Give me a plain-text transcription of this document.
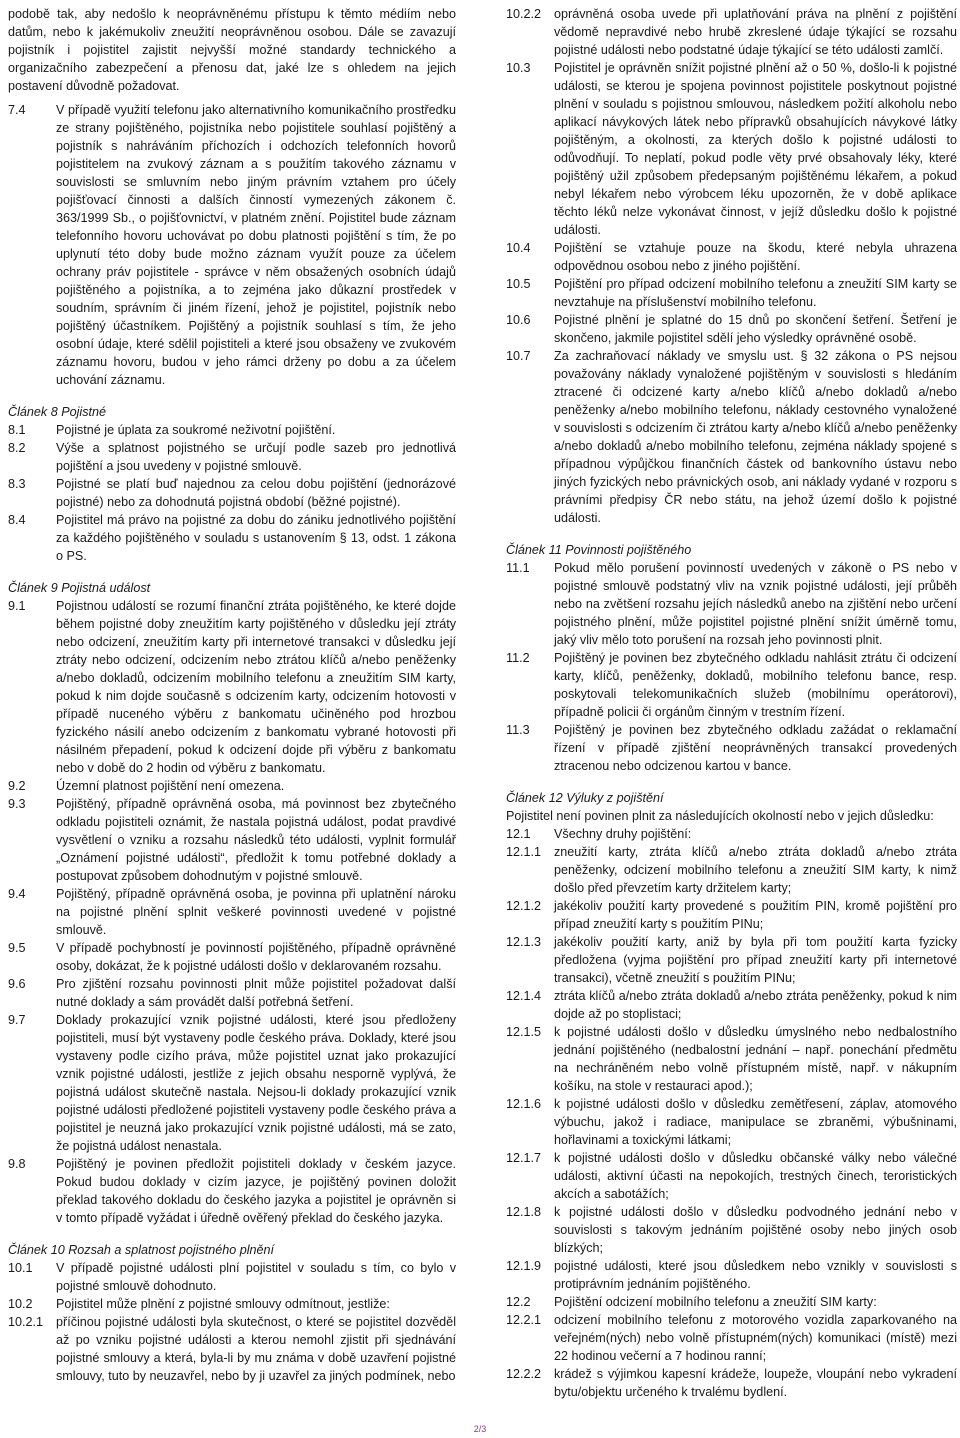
podobě tak, aby nedošlo k neoprávněnému přístupu k těmto médiím nebo datům, nebo k jakémukoliv zneužití neoprávněnou osobou. Dále se zavazují pojistník i pojistitel zajistit nejvyšší možné standardy technického a organizačního zabezpečení a přenosu dat, jaké lze s ohledem na jejich postavení důvodně požadovat.
7.4	V případě využití telefonu jako alternativního komunikačního prostředku ze strany pojištěného, pojistníka nebo pojistitele souhlasí pojištěný a pojistník s nahráváním příchozích i odchozích telefonních hovorů pojistitelem na zvukový záznam a s použitím takového záznamu v souvislosti se smluvním nebo jiným právním vztahem pro účely pojišťovací činnosti a dalších činností vymezených zákonem č. 363/1999 Sb., o pojišťovnictví, v platném znění. Pojistitel bude záznam telefonního hovoru uchovávat po dobu platnosti pojištění s tím, že po uplynutí této doby bude možno záznam využít pouze za účelem ochrany práv pojistitele - správce v něm obsažených osobních údajů pojištěného a pojistníka, a to zejména jako důkazní prostředek v soudním, správním či jiném řízení, jehož je pojistitel, pojistník nebo pojištěný účastníkem. Pojištěný a pojistník souhlasí s tím, že jeho osobní údaje, které sdělil pojistiteli a které jsou obsaženy ve zvukovém záznamu hovoru, budou v jeho rámci drženy po dobu a za účelem uchování záznamu.
Článek 8 Pojistné
8.1	Pojistné je úplata za soukromé neživotní pojištění.
8.2	Výše a splatnost pojistného se určují podle sazeb pro jednotlivá pojištění a jsou uvedeny v pojistné smlouvě.
8.3	Pojistné se platí buď najednou za celou dobu pojištění (jednorázové pojistné) nebo za dohodnutá pojistná období (běžné pojistné).
8.4	Pojistitel má právo na pojistné za dobu do zániku jednotlivého pojištění za každého pojištěného v souladu s ustanovením § 13, odst. 1 zákona o PS.
Článek 9 Pojistná událost
9.1	Pojistnou událostí se rozumí finanční ztráta pojištěného, ke které dojde během pojistné doby zneužitím karty pojištěného v důsledku její ztráty nebo odcizení, zneužitím karty při internetové transakci v důsledku její ztráty nebo odcizení, odcizením nebo ztrátou klíčů a/nebo peněženky a/nebo dokladů, odcizením mobilního telefonu a zneužitím SIM karty, pokud k nim dojde současně s odcizením karty, odcizením hotovosti v případě nuceného výběru z bankomatu učiněného pod hrozbou fyzického násilí anebo odcizením z bankomatu vybrané hotovosti při násilném přepadení, pokud k odcizení dojde při výběru z bankomatu nebo v době do 2 hodin od výběru z bankomatu.
9.2	Územní platnost pojištění není omezena.
9.3	Pojištěný, případně oprávněná osoba, má povinnost bez zbytečného odkladu pojistiteli oznámit, že nastala pojistná událost, podat pravdivé vysvětlení o vzniku a rozsahu následků této události, vyplnit formulář „Oznámení pojistné události“, předložit k tomu potřebné doklady a postupovat způsobem dohodnutým v pojistné smlouvě.
9.4	Pojištěný, případně oprávněná osoba, je povinna při uplatnění nároku na pojistné plnění splnit veškeré povinnosti uvedené v pojistné smlouvě.
9.5	V případě pochybností je povinností pojištěného, případně oprávněné osoby, dokázat, že k pojistné události došlo v deklarovaném rozsahu.
9.6	Pro zjištění rozsahu povinnosti plnit může pojistitel požadovat další nutné doklady a sám provádět další potřebná šetření.
9.7	Doklady prokazující vznik pojistné události, které jsou předloženy pojistiteli, musí být vystaveny podle českého práva. Doklady, které jsou vystaveny podle cizího práva, může pojistitel uznat jako prokazující vznik pojistné události, jestliže z jejich obsahu nesporně vyplývá, že pojistná událost skutečně nastala. Nejsou-li doklady prokazující vznik pojistné události předložené pojistiteli vystaveny podle českého práva a pojistitel je neuzná jako prokazující vznik pojistné události, má se zato, že pojistná událost nenastala.
9.8	Pojištěný je povinen předložit pojistiteli doklady v českém jazyce. Pokud budou doklady v cizím jazyce, je pojištěný povinen doložit překlad takového dokladu do českého jazyka a pojistitel je oprávněn si v tomto případě vyžádat i úředně ověřený překlad do českého jazyka.
Článek 10 Rozsah a splatnost pojistného plnění
10.1	V případě pojistné události plní pojistitel v souladu s tím, co bylo v pojistné smlouvě dohodnuto.
10.2	Pojistitel může plnění z pojistné smlouvy odmítnout, jestliže:
10.2.1	příčinou pojistné události byla skutečnost, o které se pojistitel dozvěděl až po vzniku pojistné události a kterou nemohl zjistit při sjednávání pojistné smlouvy a která, byla-li by mu známa v době uzavření pojistné smlouvy, tuto by neuzavřel, nebo by ji uzavřel za jiných podmínek, nebo
10.2.2	oprávněná osoba uvede při uplatňování práva na plnění z pojištění vědomě nepravdivé nebo hrubě zkreslené údaje týkající se rozsahu pojistné události nebo podstatné údaje týkající se této události zamlčí.
10.3	Pojistitel je oprávněn snížit pojistné plnění až o 50 %, došlo-li k pojistné události, se kterou je spojena povinnost pojistitele poskytnout pojistné plnění v souladu s pojistnou smlouvou, následkem požití alkoholu nebo aplikací návykových látek nebo přípravků obsahujících návykové látky pojištěným, a okolnosti, za kterých došlo k pojistné události to odůvodňují. To neplatí, pokud podle věty prvé obsahovaly léky, které pojištěný užil způsobem předepsaným pojištěnému lékařem, a pokud nebyl lékařem nebo výrobcem léku upozorněn, že v době aplikace těchto léků nelze vykonávat činnost, v jejíž důsledku došlo k pojistné události.
10.4	Pojištění se vztahuje pouze na škodu, které nebyla uhrazena odpovědnou osobou nebo z jiného pojištění.
10.5	Pojištění pro případ odcizení mobilního telefonu a zneužití SIM karty se nevztahuje na příslušenství mobilního telefonu.
10.6	Pojistné plnění je splatné do 15 dnů po skončení šetření. Šetření je skončeno, jakmile pojistitel sdělí jeho výsledky oprávněné osobě.
10.7	Za zachraňovací náklady ve smyslu ust. § 32 zákona o PS nejsou považovány náklady vynaložené pojištěným v souvislosti s hledáním ztracené či odcizené karty a/nebo klíčů a/nebo dokladů a/nebo peněženky a/nebo mobilního telefonu, náklady cestovného vynaložené v souvislosti s odcizením či ztrátou karty a/nebo klíčů a/nebo peněženky a/nebo dokladů a/nebo mobilního telefonu, zejména náklady spojené s případnou výpůjčkou finančních částek od bankovního ústavu nebo jiných fyzických nebo právnických osob, ani náklady vydané v rozporu s právními předpisy ČR nebo státu, na jehož území došlo k pojistné události.
Článek 11 Povinnosti pojištěného
11.1	Pokud mělo porušení povinností uvedených v zákoně o PS nebo v pojistné smlouvě podstatný vliv na vznik pojistné události, její průběh nebo na zvětšení rozsahu jejích následků anebo na zjištění nebo určení pojistného plnění, může pojistitel pojistné plnění snížit úměrně tomu, jaký vliv mělo toto porušení na rozsah jeho povinnosti plnit.
11.2	Pojištěný je povinen bez zbytečného odkladu nahlásit ztrátu či odcizení karty, klíčů, peněženky, dokladů, mobilního telefonu bance, resp. poskytovali telekomunikačních služeb (mobilnímu operátorovi), případně policii či orgánům činným v trestním řízení.
11.3	Pojištěný je povinen bez zbytečného odkladu zažádat o reklamační řízení v případě zjištění neoprávněných transakcí provedených ztracenou nebo odcizenou kartou v bance.
Článek 12 Výluky z pojištění
Pojistitel není povinen plnit za následujících okolností nebo v jejich důsledku:
12.1	Všechny druhy pojištění:
12.1.1	zneužití karty, ztráta klíčů a/nebo ztráta dokladů a/nebo ztráta peněženky, odcizení mobilního telefonu a zneužití SIM karty, k nimž došlo před převzetím karty držitelem karty;
12.1.2	jakékoliv použití karty provedené s použitím PIN, kromě pojištění pro případ zneužití karty s použitím PINu;
12.1.3	jakékoliv použití karty, aniž by byla při tom použití karta fyzicky předložena (vyjma pojištění pro případ zneužití karty při internetové transakci), včetně zneužití s použitím PINu;
12.1.4	ztráta klíčů a/nebo ztráta dokladů a/nebo ztráta peněženky, pokud k nim dojde až po stoplistaci;
12.1.5	k pojistné události došlo v důsledku úmyslného nebo nedbalostního jednání pojištěného (nedbalostní jednání – např. ponechání předmětu na nechráněném nebo volně přístupném místě, např. v nákupním košíku, na stole v restauraci apod.);
12.1.6	k pojistné události došlo v důsledku zemětřesení, záplav, atomového výbuchu, jakož i radiace, manipulace se zbraněmi, výbušninami, hořlavinami a toxickými látkami;
12.1.7	k pojistné události došlo v důsledku občanské války nebo válečné události, aktivní účasti na nepokojích, trestných činech, teroristických akcích a sabotážích;
12.1.8	k pojistné události došlo v důsledku podvodného jednání nebo v souvislosti s takovým jednáním pojištěné osoby nebo jiných osob blízkých;
12.1.9	pojistné události, které jsou důsledkem nebo vznikly v souvislosti s protiprávním jednáním pojištěného.
12.2	Pojištění odcizení mobilního telefonu a zneužití SIM karty:
12.2.1	odcizení mobilního telefonu z motorového vozidla zaparkovaného na veřejném(ných) nebo volně přístupném(ných) komunikaci (místě) mezi 22 hodinou večerní a 7 hodinou ranní;
12.2.2	krádež s výjimkou kapesní krádeže, loupeže, vloupání nebo vykradení bytu/objektu určeného k trvalému bydlení.
2/3
